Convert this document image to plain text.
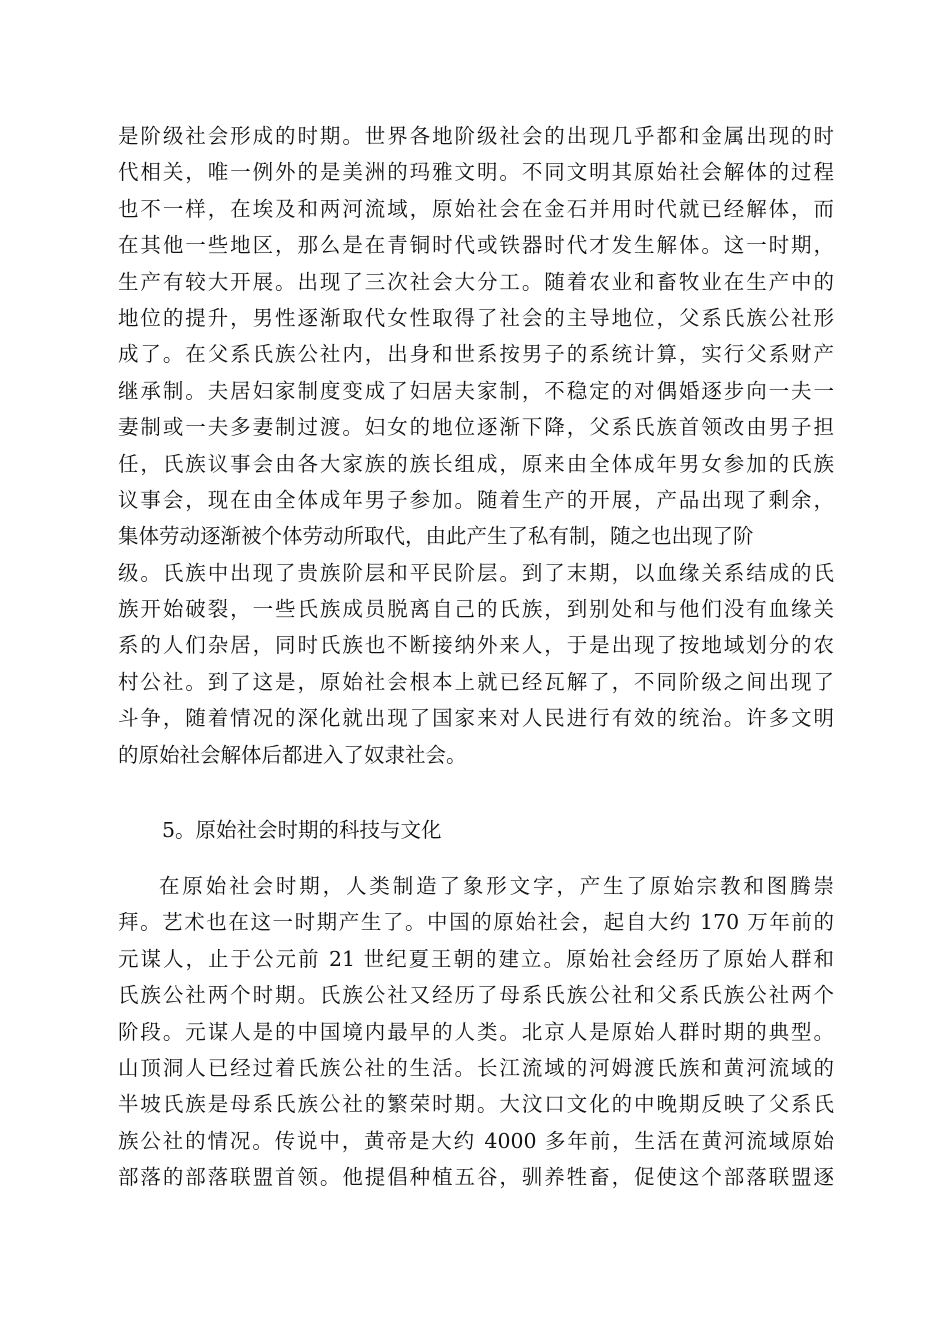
是阶级社会形成的时期。世界各地阶级社会的出现几乎都和金属出现的时
代相关，唯一例外的是美洲的玛雅文明。不同文明其原始社会解体的过程
也不一样，在埃及和两河流域，原始社会在金石并用时代就已经解体，而
在其他一些地区，那么是在青铜时代或铁器时代才发生解体。这一时期，
生产有较大开展。出现了三次社会大分工。随着农业和畜牧业在生产中的
地位的提升，男性逐渐取代女性取得了社会的主导地位，父系氏族公社形
成了。在父系氏族公社内，出身和世系按男子的系统计算，实行父系财产
继承制。夫居妇家制度变成了妇居夫家制，不稳定的对偶婚逐步向一夫一
妻制或一夫多妻制过渡。妇女的地位逐渐下降，父系氏族首领改由男子担
任，氏族议事会由各大家族的族长组成，原来由全体成年男女参加的氏族
议事会，现在由全体成年男子参加。随着生产的开展，产品出现了剩余，
集体劳动逐渐被个体劳动所取代，由此产生了私有制，随之也出现了阶
级。氏族中出现了贵族阶层和平民阶层。到了末期，以血缘关系结成的氏
族开始破裂，一些氏族成员脱离自己的氏族，到别处和与他们没有血缘关
系的人们杂居，同时氏族也不断接纳外来人，于是出现了按地域划分的农
村公社。到了这是，原始社会根本上就已经瓦解了，不同阶级之间出现了
斗争，随着情况的深化就出现了国家来对人民进行有效的统治。许多文明
的原始社会解体后都进入了奴隶社会。
5。原始社会时期的科技与文化
在原始社会时期，人类制造了象形文字，产生了原始宗教和图腾崇
拜。艺术也在这一时期产生了。中国的原始社会，起自大约 170 万年前的
元谋人，止于公元前 21 世纪夏王朝的建立。原始社会经历了原始人群和
氏族公社两个时期。氏族公社又经历了母系氏族公社和父系氏族公社两个
阶段。元谋人是的中国境内最早的人类。北京人是原始人群时期的典型。
山顶洞人已经过着氏族公社的生活。长江流域的河姆渡氏族和黄河流域的
半坡氏族是母系氏族公社的繁荣时期。大汶口文化的中晚期反映了父系氏
族公社的情况。传说中，黄帝是大约 4000 多年前，生活在黄河流域原始
部落的部落联盟首领。他提倡种植五谷，驯养牲畜，促使这个部落联盟逐
